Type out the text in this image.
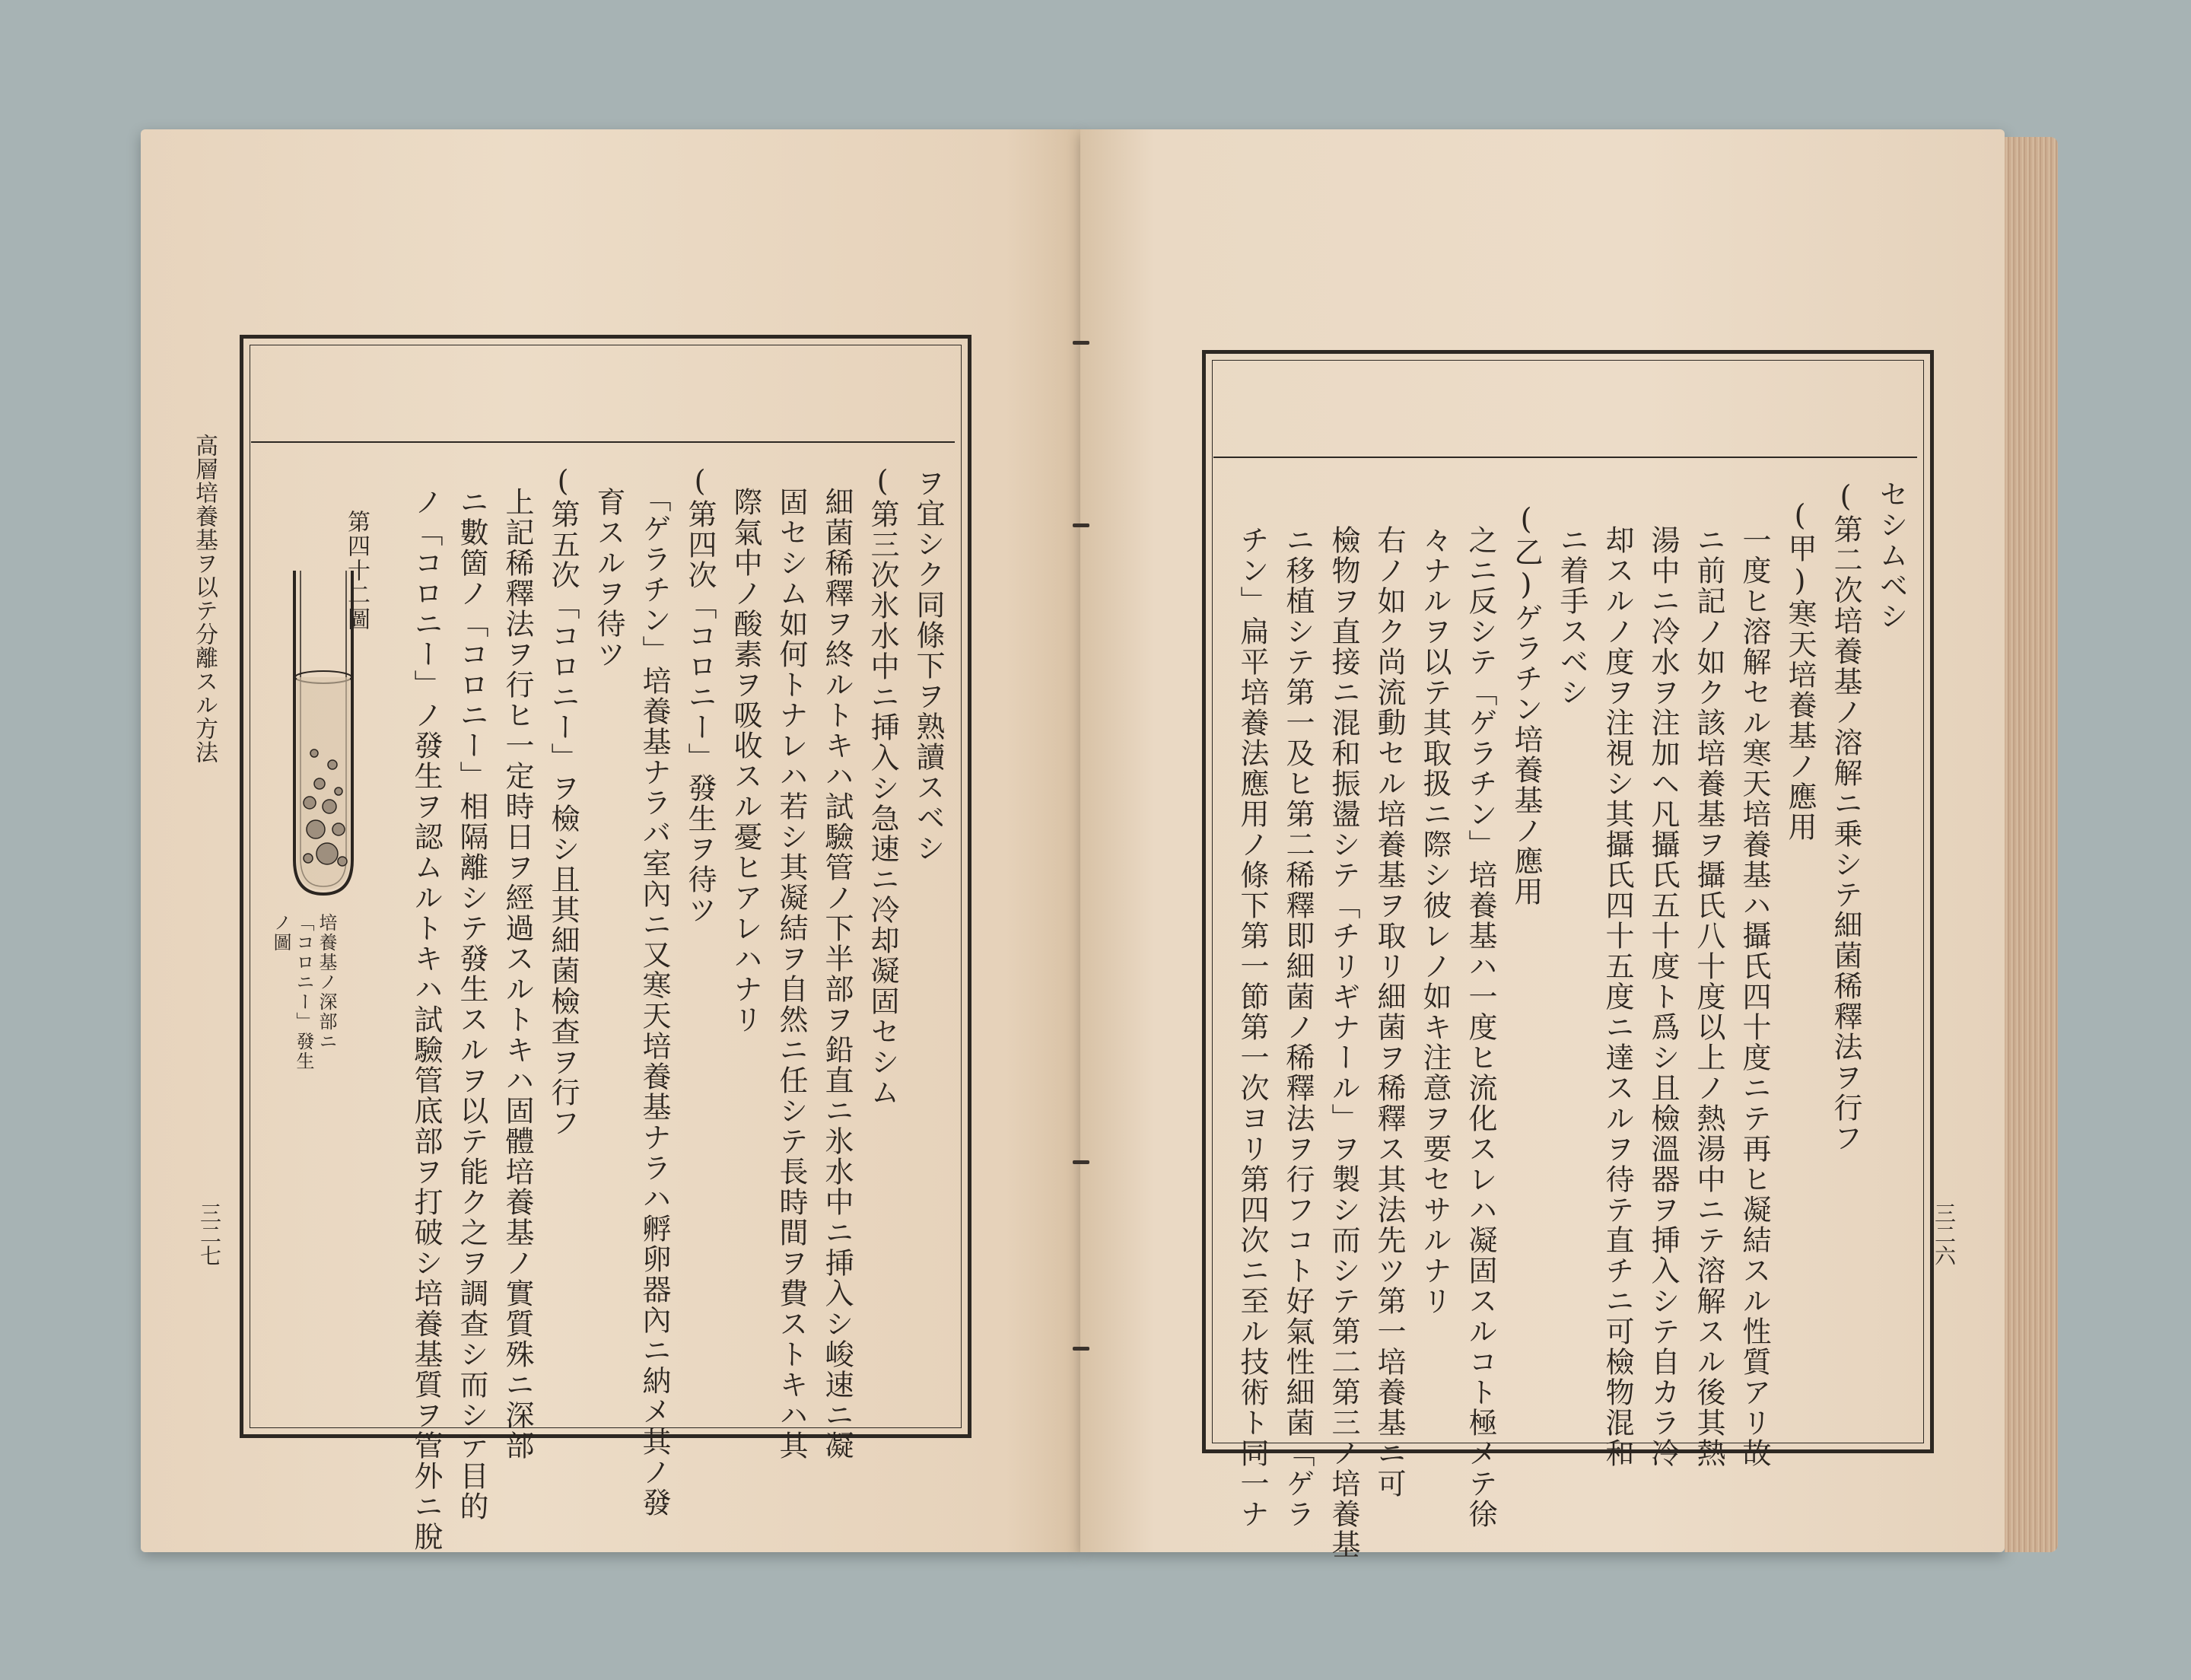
高層培養基ヲ以テ分離スル方法
三二七
ヲ宜シク同條下ヲ熟讀スベシ
(第三次氷水中ニ挿入シ急速ニ冷却凝固セシム
細菌稀釋ヲ終ルトキハ試驗管ノ下半部ヲ鉛直ニ氷水中ニ挿入シ峻速ニ凝
固セシム如何トナレハ若シ其凝結ヲ自然ニ任シテ長時間ヲ費ストキハ其
際氣中ノ酸素ヲ吸收スル憂ヒアレハナリ
(第四次「コロニー」發生ヲ待ツ
「ゲラチン」培養基ナラバ室內ニ又寒天培養基ナラハ孵卵器內ニ納メ其ノ發
育スルヲ待ツ
(第五次「コロニー」ヲ檢シ且其細菌檢查ヲ行フ
上記稀釋法ヲ行ヒ一定時日ヲ經過スルトキハ固體培養基ノ實質殊ニ深部
ニ數箇ノ「コロニー」相隔離シテ發生スルヲ以テ能ク之ヲ調查シ而シテ目的
ノ「コロニー」ノ發生ヲ認ムルトキハ試驗管底部ヲ打破シ培養基質ヲ管外ニ脫
第四十二圖
培養基ノ深部ニ
「コロニー」發生
ノ圖
三二六
セシムベシ
(第二次培養基ノ溶解ニ乗シテ細菌稀釋法ヲ行フ
(甲)寒天培養基ノ應用
一度ヒ溶解セル寒天培養基ハ攝氏四十度ニテ再ヒ凝結スル性質アリ故
ニ前記ノ如ク該培養基ヲ攝氏八十度以上ノ熱湯中ニテ溶解スル後其熱
湯中ニ冷水ヲ注加ヘ凡攝氏五十度ト爲シ且檢溫器ヲ挿入シテ自カラ冷
却スルノ度ヲ注視シ其攝氏四十五度ニ達スルヲ待テ直チニ可檢物混和
ニ着手スベシ
(乙)ゲラチン培養基ノ應用
之ニ反シテ「ゲラチン」培養基ハ一度ヒ流化スレハ凝固スルコト極メテ徐
々ナルヲ以テ其取扱ニ際シ彼レノ如キ注意ヲ要セサルナリ
右ノ如ク尚流動セル培養基ヲ取リ細菌ヲ稀釋ス其法先ツ第一培養基ニ可
檢物ヲ直接ニ混和振盪シテ「チリギナール」ヲ製シ而シテ第二第三ノ培養基
ニ移植シテ第一及ヒ第二稀釋即細菌ノ稀釋法ヲ行フコト好氣性細菌「ゲラ
チン」扁平培養法應用ノ條下第一節第一次ヨリ第四次ニ至ル技術ト同一ナ
